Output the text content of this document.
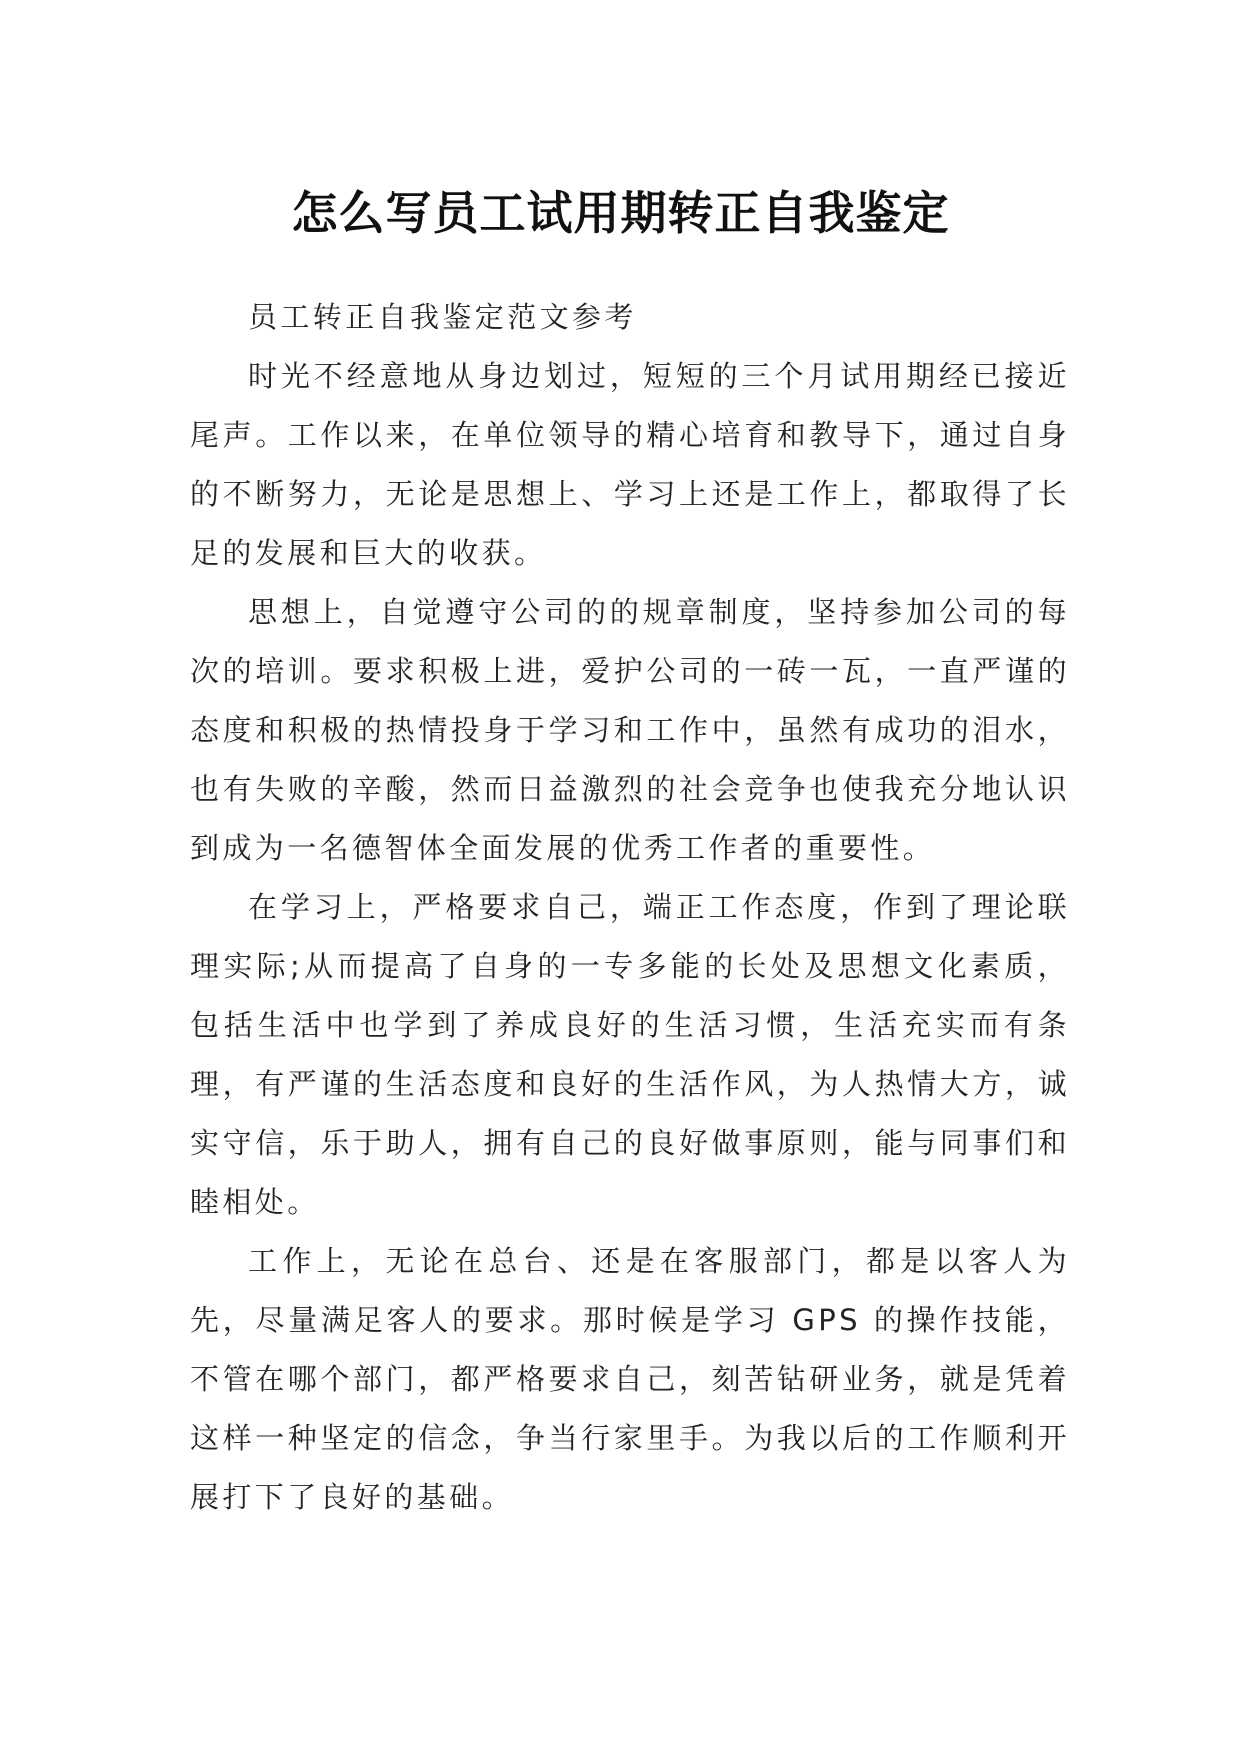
怎么写员工试用期转正自我鉴定

员工转正自我鉴定范文参考

时光不经意地从身边划过，短短的三个月试用期经已接近尾声。工作以来，在单位领导的精心培育和教导下，通过自身的不断努力，无论是思想上、学习上还是工作上，都取得了长足的发展和巨大的收获。

思想上，自觉遵守公司的的规章制度，坚持参加公司的每次的培训。要求积极上进，爱护公司的一砖一瓦，一直严谨的态度和积极的热情投身于学习和工作中，虽然有成功的泪水，也有失败的辛酸，然而日益激烈的社会竞争也使我充分地认识到成为一名德智体全面发展的优秀工作者的重要性。

在学习上，严格要求自己，端正工作态度，作到了理论联理实际;从而提高了自身的一专多能的长处及思想文化素质，包括生活中也学到了养成良好的生活习惯，生活充实而有条理，有严谨的生活态度和良好的生活作风，为人热情大方，诚实守信，乐于助人，拥有自己的良好做事原则，能与同事们和睦相处。

工作上，无论在总台、还是在客服部门，都是以客人为先，尽量满足客人的要求。那时候是学习 GPS 的操作技能，不管在哪个部门，都严格要求自己，刻苦钻研业务，就是凭着这样一种坚定的信念，争当行家里手。为我以后的工作顺利开展打下了良好的基础。
